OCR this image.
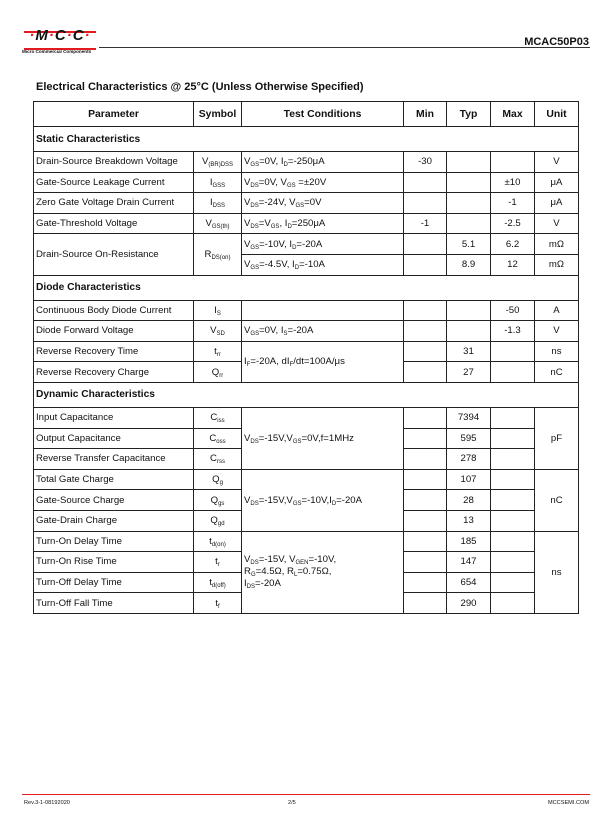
·M·C·C·
Micro Commercial Components
MCAC50P03
Electrical Characteristics @ 25°C (Unless Otherwise Specified)
Parameter	Symbol	Test Conditions	Min	Typ	Max	Unit
Static Characteristics						
Drain-Source Breakdown Voltage	$V_{(BR)DSS}$	$V_{GS}=0V$, $I_D=-250\mu A$	-30			V
Gate-Source Leakage Current	$I_{GSS}$	$V_{DS}=0V$, $V_{GS} =\pm 20V$			±10	μA
Zero Gate Voltage Drain Current	$I_{DSS}$	$V_{DS}=-24V$, $V_{GS}=0V$			-1	μA
Gate-Threshold Voltage	$V_{GS(th)}$	$V_{DS}=V_{GS}$, $I_D=250\mu A$	-1		-2.5	V
Drain-Source On-Resistance	$R_{DS(on)}$	$V_{GS}=-10V$, $I_D=-20A$		5.1	6.2	mΩ
		$V_{GS}=-4.5V$, $I_D=-10A$		8.9	12	mΩ
Diode Characteristics						
Continuous Body Diode Current	$I_S$				-50	A
Diode Forward Voltage	$V_{SD}$	$V_{GS}=0V$, $I_S=-20A$			-1.3	V
Reverse Recovery Time	$t_{rr}$	$I_F=-20A$, $dI_F/dt=100A/\mu s$		31		ns
Reverse Recovery Charge	$Q_{rr}$			27		nC
Dynamic Characteristics						
Input Capacitance	$C_{iss}$	$V_{DS}=-15V,V_{GS}=0V,f=1MHz$		7394		pF
Output Capacitance	$C_{oss}$			595		
Reverse Transfer Capacitance	$C_{rss}$			278		
Total Gate Charge	$Q_g$	$V_{DS}=-15V,V_{GS}=-10V,I_D=-20A$		107		nC
Gate-Source Charge	$Q_{gs}$			28		
Gate-Drain Charge	$Q_{gd}$			13		
Turn-On Delay Time	$t_{d(on)}$	$V_{DS}=-15V$, $V_{GEN}=-10V$,
$R_G=4.5\Omega$, $R_L=0.75\Omega$,
$I_{DS}=-20A$		185		ns
Turn-On Rise Time	$t_r$			147		
Turn-Off Delay Time	$t_{d(off)}$			654		
Turn-Off Fall Time	$t_f$			290		
Rev.3-1-08192020	2/5	MCCSEMI.COM
